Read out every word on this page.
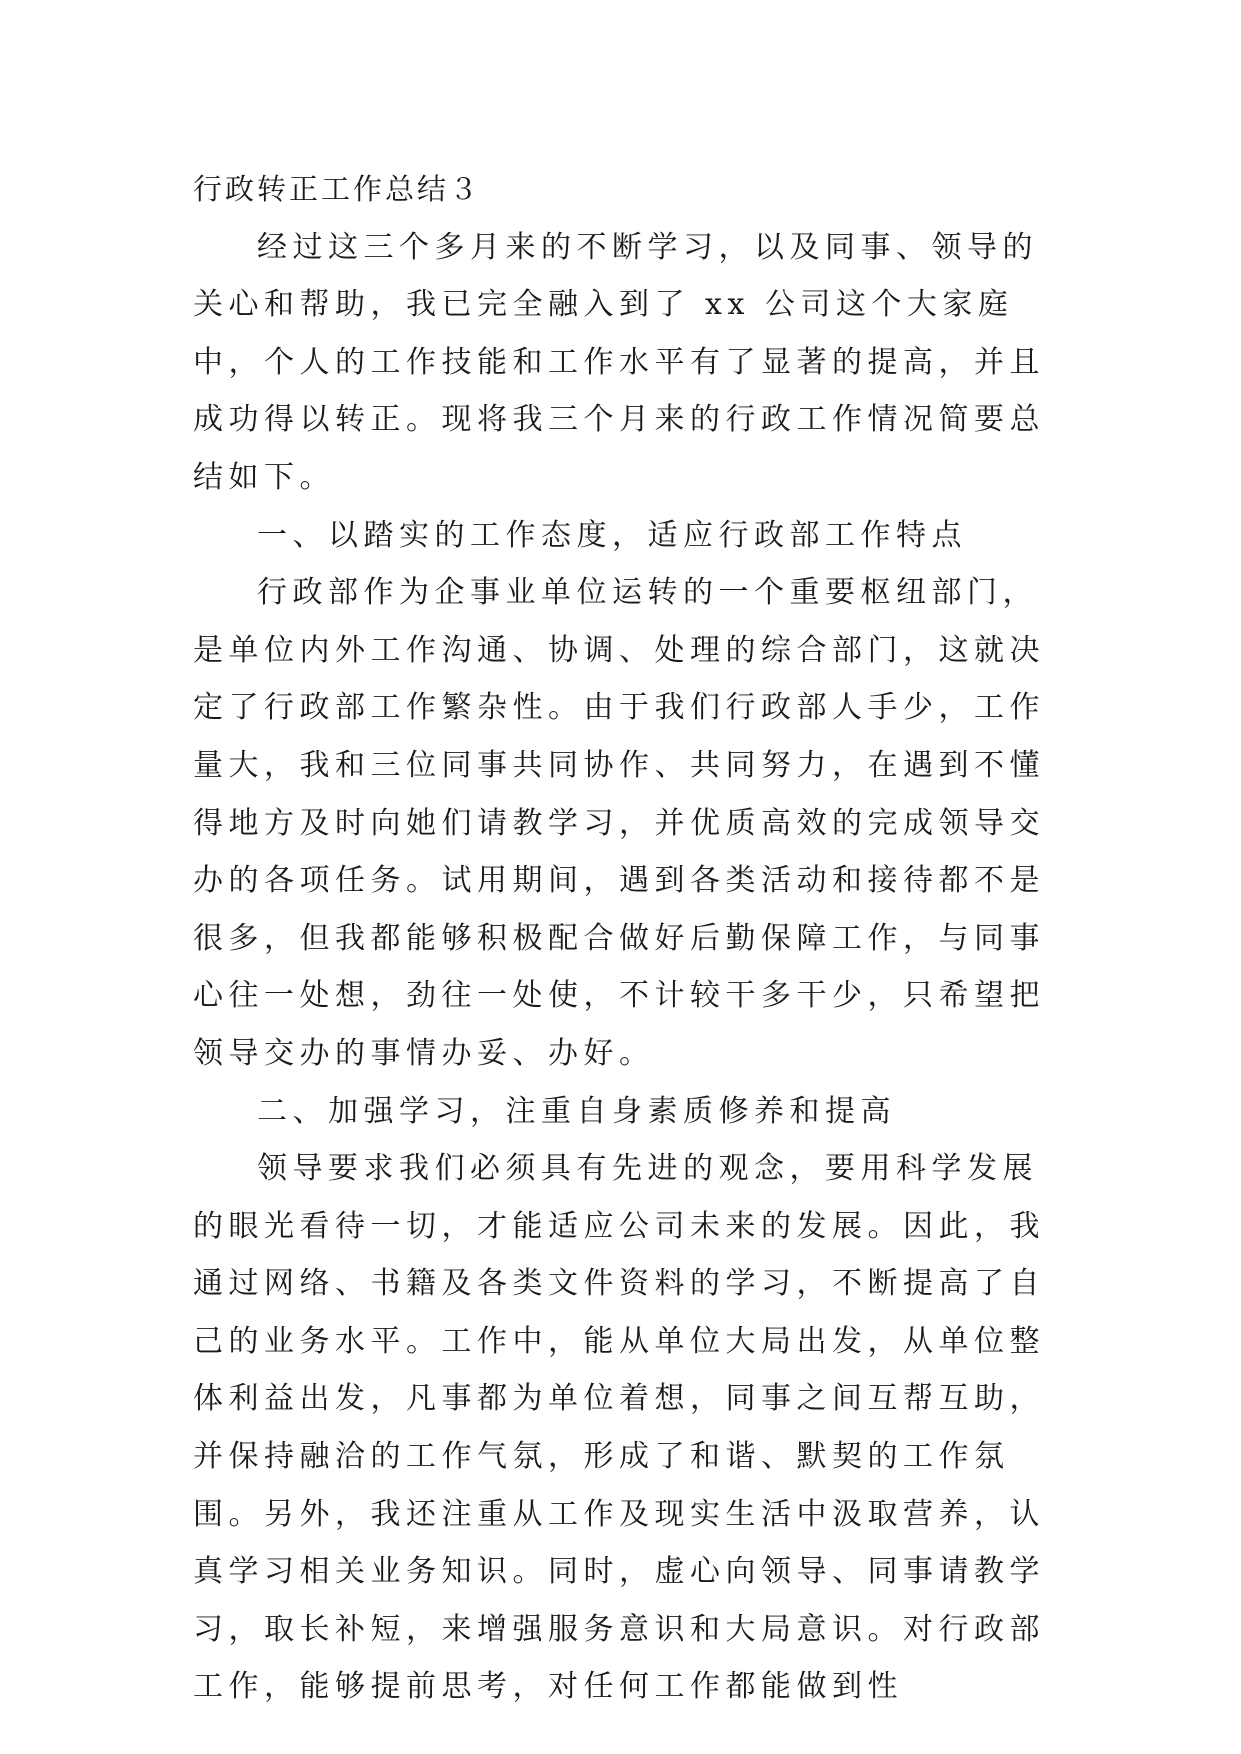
行政转正工作总结３

经过这三个多月来的不断学习，以及同事、领导的关心和帮助，我已完全融入到了 xx 公司这个大家庭中，个人的工作技能和工作水平有了显著的提高，并且成功得以转正。现将我三个月来的行政工作情况简要总结如下。

一、以踏实的工作态度，适应行政部工作特点

行政部作为企事业单位运转的一个重要枢纽部门，是单位内外工作沟通、协调、处理的综合部门，这就决定了行政部工作繁杂性。由于我们行政部人手少，工作量大，我和三位同事共同协作、共同努力，在遇到不懂得地方及时向她们请教学习，并优质高效的完成领导交办的各项任务。试用期间，遇到各类活动和接待都不是很多，但我都能够积极配合做好后勤保障工作，与同事心往一处想，劲往一处使，不计较干多干少，只希望把领导交办的事情办妥、办好。

二、加强学习，注重自身素质修养和提高

领导要求我们必须具有先进的观念，要用科学发展的眼光看待一切，才能适应公司未来的发展。因此，我通过网络、书籍及各类文件资料的学习，不断提高了自己的业务水平。工作中，能从单位大局出发，从单位整体利益出发，凡事都为单位着想，同事之间互帮互助，并保持融洽的工作气氛，形成了和谐、默契的工作氛围。另外，我还注重从工作及现实生活中汲取营养，认真学习相关业务知识。同时，虚心向领导、同事请教学习，取长补短，来增强服务意识和大局意识。对行政部工作，能够提前思考，对任何工作都能做到性
